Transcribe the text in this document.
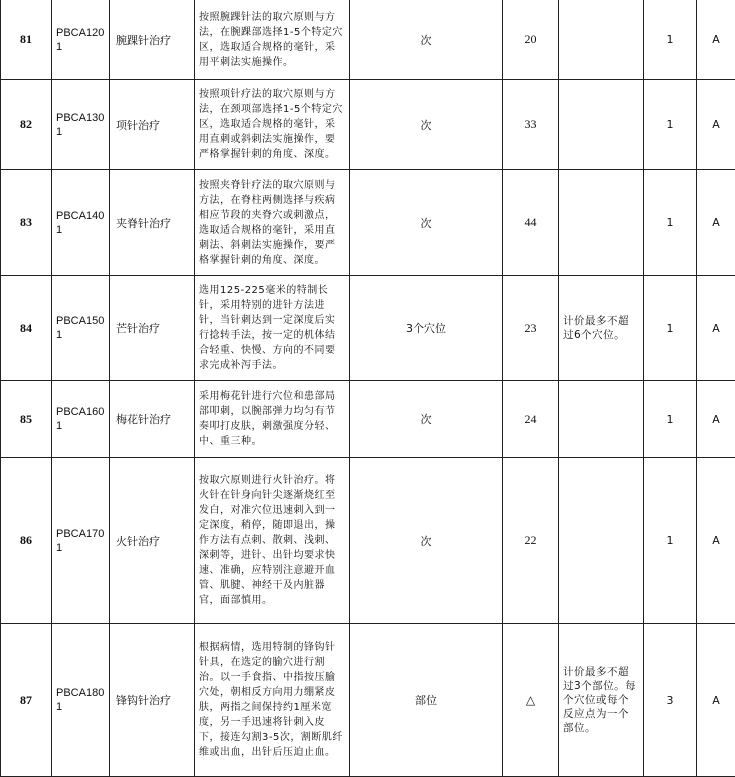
81	PBCA1201	腕踝针治疗	按照腕踝针法的取穴原则与方法，在腕踝部选择1-5个特定穴区，选取适合规格的毫针，采用平刺法实施操作。	次	20		1	A
82	PBCA1301	项针治疗	按照项针疗法的取穴原则与方法，在颈项部选择1-5个特定穴区，选取适合规格的毫针，采用直刺或斜刺法实施操作，要严格掌握针刺的角度、深度。	次	33		1	A
83	PBCA1401	夹脊针治疗	按照夹脊针疗法的取穴原则与方法，在脊柱两侧选择与疾病相应节段的夹脊穴或刺激点，选取适合规格的毫针，采用直刺法、斜刺法实施操作，要严格掌握针刺的角度、深度。	次	44		1	A
84	PBCA1501	芒针治疗	选用125-225毫米的特制长针，采用特别的进针方法进针，当针刺达到一定深度后实行捻转手法，按一定的机体结合轻重、快慢、方向的不同要求完成补泻手法。	3个穴位	23	计价最多不超过6个穴位。	1	A
85	PBCA1601	梅花针治疗	采用梅花针进行穴位和患部局部叩刺，以腕部弹力均匀有节奏叩打皮肤，刺激强度分轻、中、重三种。	次	24		1	A
86	PBCA1701	火针治疗	按取穴原则进行火针治疗。将火针在针身向针尖逐渐烧红至发白，对准穴位迅速刺入到一定深度，稍停，随即退出，操作方法有点刺、散刺、浅刺、深刺等，进针、出针均要求快速、准确，应特别注意避开血管、肌腱、神经干及内脏器官，面部慎用。	次	22		1	A
87	PBCA1801	锋钩针治疗	根据病情，选用特制的锋钩针针具，在选定的腧穴进行割治。以一手食指、中指按压腧穴处，朝相反方向用力绷紧皮肤，两指之间保持约1厘米宽度，另一手迅速将针刺入皮下，接连勾割3-5次，割断肌纤维或出血，出针后压迫止血。	部位	△	计价最多不超过3个部位。每个穴位或每个反应点为一个部位。	3	A
